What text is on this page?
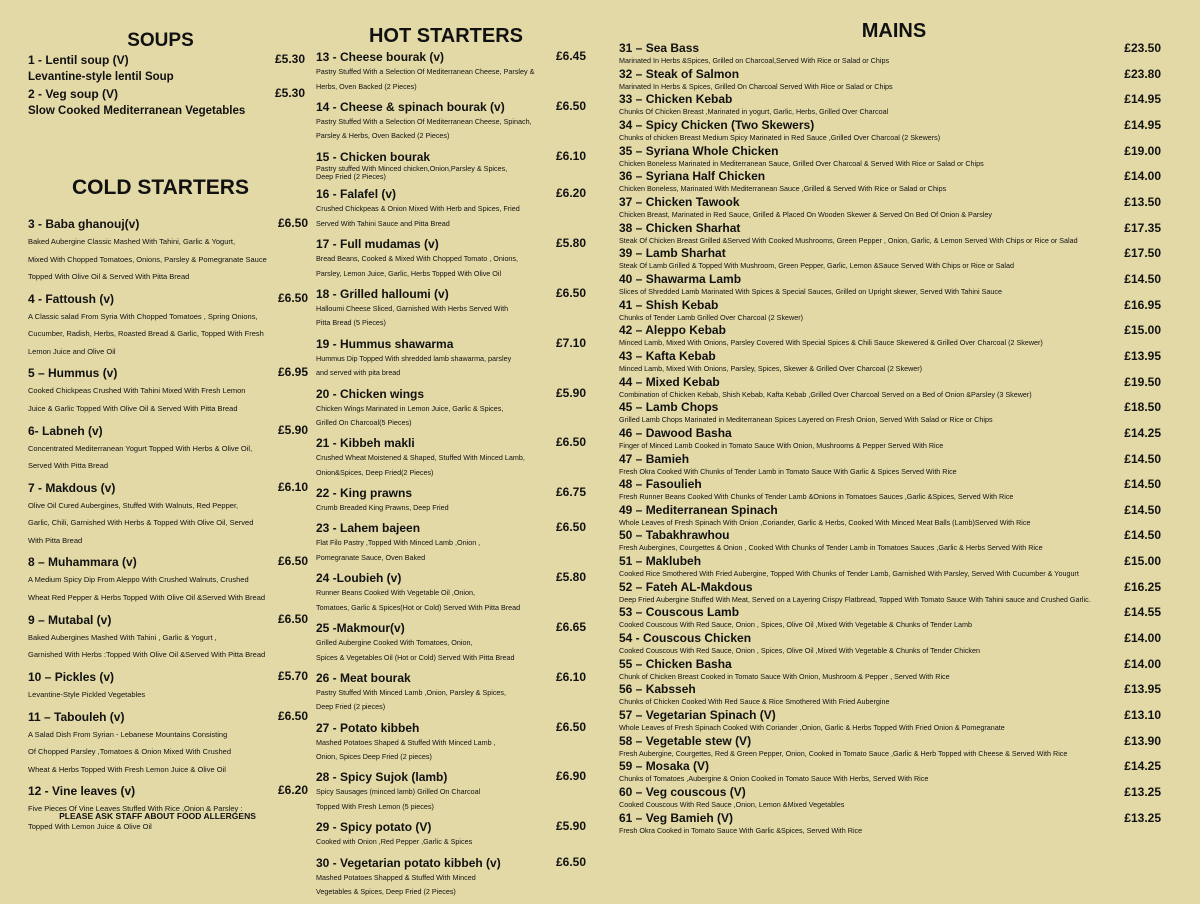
SOUPS
1 - Lentil soup (V)	£5.30
Levantine-style lentil Soup
2 - Veg soup (V)	£5.30
Slow Cooked Mediterranean Vegetables
COLD STARTERS
3 - Baba ghanouj(v)	£6.50
Baked Aubergine Classic Mashed With Tahini, Garlic & Yogurt,
Mixed With Chopped Tomatoes, Onions, Parsley & Pomegranate Sauce
Topped With Olive Oil & Served With Pitta Bread
4 - Fattoush (v)	£6.50
A Classic salad From Syria With Chopped Tomatoes , Spring Onions,
Cucumber, Radish, Herbs, Roasted Bread & Garlic, Topped With Fresh
Lemon Juice and Olive Oil
5 – Hummus (v)	£6.95
Cooked Chickpeas Crushed With Tahini Mixed With Fresh Lemon
Juice & Garlic Topped With Olive Oil & Served With Pitta Bread
6- Labneh (v)	£5.90
Concentrated Mediterranean Yogurt Topped With Herbs & Olive Oil,
Served With Pitta Bread
7 - Makdous (v)	£6.10
Olive Oil Cured Aubergines, Stuffed With Walnuts, Red Pepper,
Garlic, Chili, Garnished With Herbs & Topped With Olive Oil, Served
With Pitta Bread
8 – Muhammara (v)	£6.50
A Medium Spicy Dip From Aleppo With Crushed Walnuts, Crushed
Wheat Red Pepper & Herbs Topped With Olive Oil &Served With Bread
9 – Mutabal (v)	£6.50
Baked Aubergines Mashed With Tahini , Garlic & Yogurt ,
Garnished With Herbs :Topped With Olive Oil &Served With Pitta Bread
10 – Pickles (v)	£5.70
Levantine-Style Pickled Vegetables
11 – Tabouleh (v)	£6.50
A Salad Dish From Syrian - Lebanese Mountains Consisting
Of Chopped Parsley ,Tomatoes & Onion Mixed With Crushed
Wheat & Herbs Topped With Fresh Lemon Juice & Olive Oil
12 - Vine leaves (v)	£6.20
Five Pieces Of Vine Leaves Stuffed With Rice ,Onion & Parsley :
Topped With Lemon Juice & Olive Oil
PLEASE ASK STAFF ABOUT FOOD ALLERGENS
HOT STARTERS
13 - Cheese bourak (v)	£6.45
Pastry Stuffed With a Selection Of Mediterranean Cheese, Parsley &
Herbs, Oven Backed (2 Pieces)
14 - Cheese & spinach bourak (v)	£6.50
Pastry Stuffed With a Selection Of Mediterranean Cheese, Spinach,
Parsley & Herbs, Oven Backed (2 Pieces)
15 - Chicken bourak	£6.10
Pastry stuffed With Minced chicken,Onion,Parsley & Spices,
Deep Fried (2 Pieces)
16 - Falafel (v)	£6.20
Crushed Chickpeas & Onion Mixed With Herb and Spices, Fried
Served With Tahini Sauce and Pitta Bread
17 - Full mudamas (v)	£5.80
Bread Beans, Cooked & Mixed With Chopped Tomato , Onions,
Parsley, Lemon Juice, Garlic, Herbs Topped With Olive Oil
18 - Grilled halloumi (v)	£6.50
Halloumi Cheese Sliced, Garnished With Herbs Served With
Pitta Bread (5 Pieces)
19 - Hummus shawarma	£7.10
Hummus Dip Topped With shredded lamb shawarma, parsley
and served with pita bread
20 - Chicken wings	£5.90
Chicken Wings Marinated in Lemon Juice, Garlic & Spices,
Grilled On Charcoal(5 Pieces)
21 - Kibbeh makli	£6.50
Crushed Wheat Moistened & Shaped, Stuffed With Minced Lamb,
Onion&Spices, Deep Fried(2 Pieces)
22 - King prawns	£6.75
Crumb Breaded King Prawns, Deep Fried
23 - Lahem bajeen	£6.50
Flat Filo Pastry ,Topped With Minced Lamb ,Onion ,
Pomegranate Sauce, Oven Baked
24 -Loubieh (v)	£5.80
Runner Beans Cooked With Vegetable Oil ,Onion,
Tomatoes, Garlic & Spices(Hot or Cold) Served With Pitta Bread
25 -Makmour(v)	£6.65
Grilled Aubergine Cooked With Tomatoes, Onion,
Spices & Vegetables Oil (Hot or Cold) Served With Pitta Bread
26 - Meat bourak	£6.10
Pastry Stuffed With Minced Lamb ,Onion, Parsley & Spices,
Deep Fried (2 pieces)
27 - Potato kibbeh	£6.50
Mashed Potatoes Shaped & Stuffed With Minced Lamb ,
Onion, Spices Deep Fried (2 pieces)
28 - Spicy Sujok (lamb)	£6.90
Spicy Sausages (minced lamb) Grilled On Charcoal
Topped With Fresh Lemon (5 pieces)
29 - Spicy potato (V)	£5.90
Cooked with Onion ,Red Pepper ,Garlic & Spices
30 - Vegetarian potato kibbeh (v)	£6.50
Mashed Potatoes Shapped & Stuffed With Minced
Vegetables & Spices, Deep Fried (2 Pieces)
MAINS
31 – Sea Bass	£23.50
Marinated In Herbs &Spices, Grilled on Charcoal,Served With Rice or Salad or Chips
32 – Steak of Salmon	£23.80
Marinated In Herbs & Spices, Grilled On Charcoal Served With Rice or Salad or Chips
33 – Chicken Kebab	£14.95
Chunks Of Chicken Breast ,Marinated in yogurt, Garlic, Herbs, Grilled Over Charcoal
34 – Spicy Chicken (Two Skewers)	£14.95
Chunks of chicken Breast Medium Spicy Marinated in Red Sauce ,Grilled Over Charcoal (2 Skewers)
35 – Syriana Whole Chicken	£19.00
Chicken Boneless Marinated in Mediterranean Sauce, Grilled Over Charcoal & Served With Rice or Salad or Chips
36 – Syriana Half Chicken	£14.00
Chicken Boneless, Marinated With Mediterranean Sauce ,Grilled & Served With Rice or Salad or Chips
37 – Chicken Tawook	£13.50
Chicken Breast, Marinated in Red Sauce, Grilled & Placed On Wooden Skewer & Served On Bed Of Onion & Parsley
38 – Chicken Sharhat	£17.35
Steak Of Chicken Breast Grilled &Served With Cooked Mushrooms, Green Pepper , Onion, Garlic, & Lemon Served With Chips or Rice or Salad
39 – Lamb Sharhat	£17.50
Steak Of Lamb Grilled & Topped With Mushroom, Green Pepper, Garlic, Lemon &Sauce Served With Chips or Rice or Salad
40 – Shawarma Lamb	£14.50
Slices of Shredded Lamb Marinated With Spices & Special Sauces, Grilled on Upright skewer, Served With Tahini Sauce
41 – Shish Kebab	£16.95
Chunks of Tender Lamb Grilled Over Charcoal (2 Skewer)
42 – Aleppo Kebab	£15.00
Minced Lamb, Mixed With Onions, Parsley Covered With Special Spices & Chili Sauce Skewered & Grilled Over Charcoal (2 Skewer)
43 – Kafta Kebab	£13.95
Minced Lamb, Mixed With Onions, Parsley, Spices, Skewer & Grilled Over Charcoal (2 Skewer)
44 – Mixed Kebab	£19.50
Combination of Chicken Kebab, Shish Kebab, Kafta Kebab ,Grilled Over Charcoal Served on a Bed of Onion &Parsley (3 Skewer)
45 – Lamb Chops	£18.50
Grilled Lamb Chops Marinated in Mediterranean Spices Layered on Fresh Onion, Served With Salad or Rice or Chips
46 – Dawood Basha	£14.25
Finger of Minced Lamb Cooked in Tomato Sauce With Onion, Mushrooms & Pepper Served With Rice
47 – Bamieh	£14.50
Fresh Okra Cooked With Chunks of Tender Lamb in Tomato Sauce With Garlic & Spices Served With Rice
48 – Fasoulieh	£14.50
Fresh Runner Beans Cooked With Chunks of Tender Lamb &Onions in Tomatoes Sauces ,Garlic &Spices, Served With Rice
49 – Mediterranean Spinach	£14.50
Whole Leaves of Fresh Spinach With Onion ,Coriander, Garlic & Herbs, Cooked With Minced Meat Balls (Lamb)Served With Rice
50 – Tabakhrawhou	£14.50
Fresh Aubergines, Courgettes & Onion , Cooked With Chunks of Tender Lamb in Tomatoes Sauces ,Garlic & Herbs Served With Rice
51 – Maklubeh	£15.00
Cooked Rice Smothered With Fried Aubergine, Topped With Chunks of Tender Lamb, Garnished With Parsley, Served With Cucumber & Yougurt
52 – Fateh AL-Makdous	£16.25
Deep Fried Aubergine Stuffed With Meat, Served on a Layering Crispy Flatbread, Topped With Tomato Sauce With Tahini sauce and Crushed Garlic.
53 – Couscous Lamb	£14.55
Cooked Couscous With Red Sauce, Onion , Spices, Olive Oil ,Mixed With Vegetable & Chunks of Tender Lamb
54 - Couscous Chicken	£14.00
Cooked Couscous With Red Sauce, Onion , Spices, Olive Oil ,Mixed With Vegetable & Chunks of Tender Chicken
55 – Chicken Basha	£14.00
Chunk of Chicken Breast Cooked in Tomato Sauce With Onion, Mushroom & Pepper , Served With Rice
56 – Kabsseh	£13.95
Chunks of Chicken Cooked With Red Sauce & Rice Smothered With Fried Aubergine
57 – Vegetarian Spinach (V)	£13.10
Whole Leaves of Fresh Spinach Cooked With Coriander ,Onion, Garlic & Herbs Topped With Fried Onion & Pomegranate
58 – Vegetable stew (V)	£13.90
Fresh Aubergine, Courgettes, Red & Green Pepper, Onion, Cooked in Tomato Sauce ,Garlic & Herb Topped with Cheese & Served With Rice
59 – Mosaka (V)	£14.25
Chunks of Tomatoes ,Aubergine & Onion Cooked in Tomato Sauce With Herbs, Served With Rice
60 – Veg couscous (V)	£13.25
Cooked Couscous With Red Sauce ,Onion, Lemon &Mixed Vegetables
61 – Veg Bamieh (V)	£13.25
Fresh Okra Cooked in Tomato Sauce With Garlic &Spices, Served With Rice
